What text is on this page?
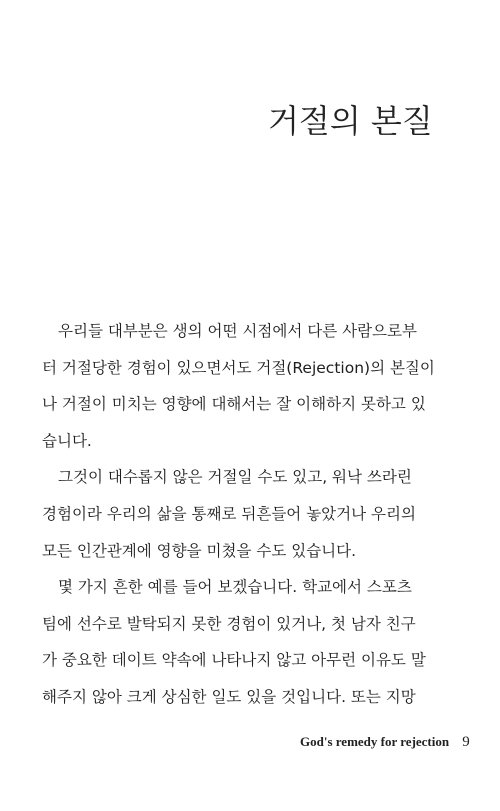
거절의 본질
우리들 대부분은 생의 어떤 시점에서 다른 사람으로부
터 거절당한 경험이 있으면서도 거절(Rejection)의 본질이
나 거절이 미치는 영향에 대해서는 잘 이해하지 못하고 있
습니다.
그것이 대수롭지 않은 거절일 수도 있고, 워낙 쓰라린
경험이라 우리의 삶을 통째로 뒤흔들어 놓았거나 우리의
모든 인간관계에 영향을 미쳤을 수도 있습니다.
몇 가지 흔한 예를 들어 보겠습니다. 학교에서 스포츠
팀에 선수로 발탁되지 못한 경험이 있거나, 첫 남자 친구
가 중요한 데이트 약속에 나타나지 않고 아무런 이유도 말
해주지 않아 크게 상심한 일도 있을 것입니다. 또는 지망
God's remedy for rejection 9
